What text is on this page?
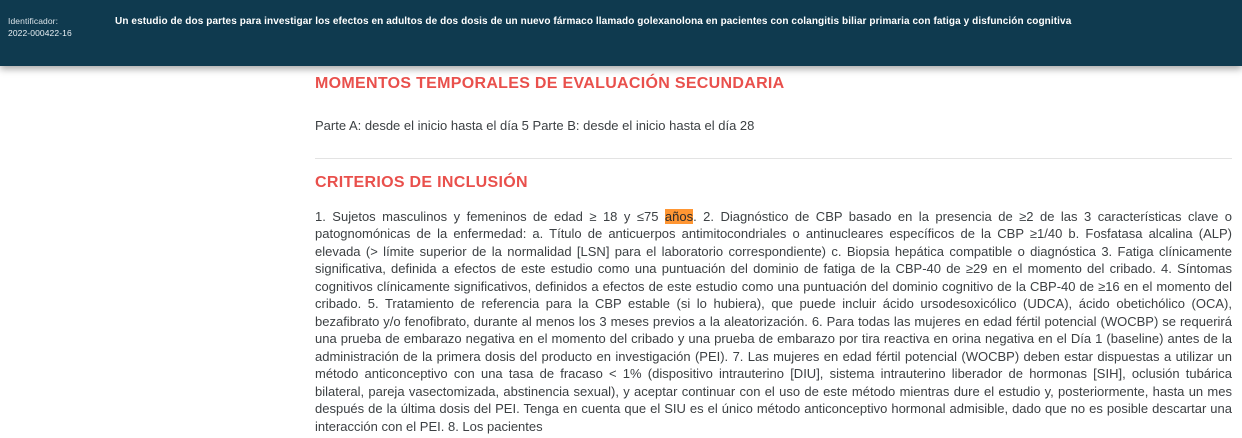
Identificador:
2022-000422-16
Un estudio de dos partes para investigar los efectos en adultos de dos dosis de un nuevo fármaco llamado golexanolona en pacientes con colangitis biliar primaria con fatiga y disfunción cognitiva
MOMENTOS TEMPORALES DE EVALUACIÓN SECUNDARIA

Parte A: desde el inicio hasta el día 5 Parte B: desde el inicio hasta el día 28

CRITERIOS DE INCLUSIÓN

1. Sujetos masculinos y femeninos de edad ≥ 18 y ≤75 años. 2. Diagnóstico de CBP basado en la presencia de ≥2 de las 3 características clave o patognomónicas de la enfermedad: a. Título de anticuerpos antimitocondriales o antinucleares específicos de la CBP ≥1/40 b. Fosfatasa alcalina (ALP) elevada (> límite superior de la normalidad [LSN] para el laboratorio correspondiente) c. Biopsia hepática compatible o diagnóstica 3. Fatiga clínicamente significativa, definida a efectos de este estudio como una puntuación del dominio de fatiga de la CBP-40 de ≥29 en el momento del cribado. 4. Síntomas cognitivos clínicamente significativos, definidos a efectos de este estudio como una puntuación del dominio cognitivo de la CBP-40 de ≥16 en el momento del cribado. 5. Tratamiento de referencia para la CBP estable (si lo hubiera), que puede incluir ácido ursodesoxicólico (UDCA), ácido obetichólico (OCA), bezafibrato y/o fenofibrato, durante al menos los 3 meses previos a la aleatorización. 6. Para todas las mujeres en edad fértil potencial (WOCBP) se requerirá una prueba de embarazo negativa en el momento del cribado y una prueba de embarazo por tira reactiva en orina negativa en el Día 1 (baseline) antes de la administración de la primera dosis del producto en investigación (PEI). 7. Las mujeres en edad fértil potencial (WOCBP) deben estar dispuestas a utilizar un método anticonceptivo con una tasa de fracaso < 1% (dispositivo intrauterino [DIU], sistema intrauterino liberador de hormonas [SIH], oclusión tubárica bilateral, pareja vasectomizada, abstinencia sexual), y aceptar continuar con el uso de este método mientras dure el estudio y, posteriormente, hasta un mes después de la última dosis del PEI. Tenga en cuenta que el SIU es el único método anticonceptivo hormonal admisible, dado que no es posible descartar una interacción con el PEI. 8. Los pacientes
